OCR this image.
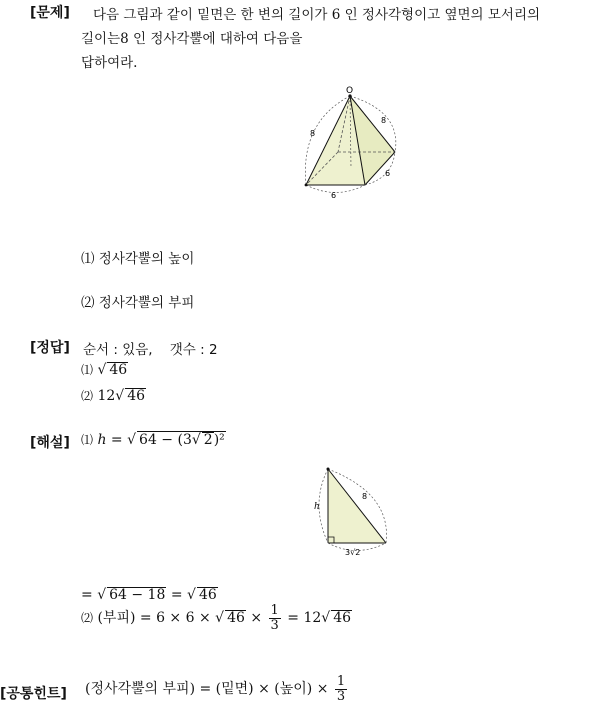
[문제] 다음 그림과 같이 밑면은 한 변의 길이가 6 인 정사각형이고 옆면의 모서리의
길이는8 인 정사각뿔에 대하여 다음을
답하여라.
O
8
8
6
6
⑴ 정사각뿔의 높이
⑵ 정사각뿔의 부피
[정답] 순서 : 있음,    갯수 : 2
⑴ √ 46
⑵ 12√ 46
[해설] ⑴ h = √ 64 − (3√ 2)²
h
8
3√2
= √ 64 − 18 = √ 46
⑵ (부피) = 6 × 6 × √ $46 \times \frac{1}{3} = 12√$ 46
[공통힌트] (정사각뿔의 부피) = (밑면) × (높이) × $\frac{1}{3}$
